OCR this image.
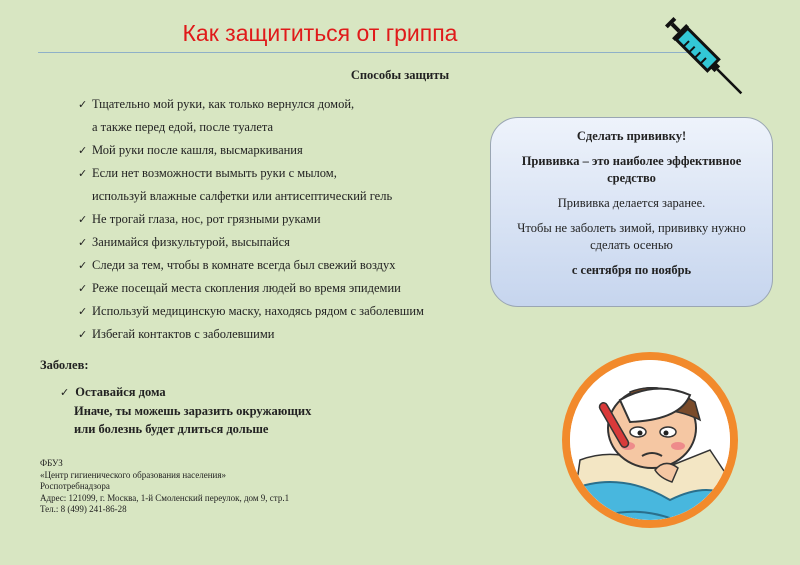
Как защититься от гриппа
Способы защиты
✓ Тщательно мой руки, как только вернулся домой,
а также перед едой, после туалета
✓ Мой руки после кашля, высмаркивания
✓ Если нет возможности вымыть руки с мылом,
используй влажные салфетки или антисептический гель
✓ Не трогай глаза, нос, рот грязными руками
✓ Занимайся физкультурой, высыпайся
✓ Следи за тем, чтобы в комнате всегда был свежий воздух
✓ Реже посещай места скопления людей во время эпидемии
✓ Используй медицинскую маску, находясь рядом с заболевшим
✓ Избегай контактов с заболевшими

Сделать прививку!

Прививка – это наиболее эффективное средство

Прививка делается заранее.

Чтобы не заболеть зимой, прививку нужно сделать осенью

с сентября по ноябрь

Заболев:
✓ Оставайся дома
Иначе, ты можешь заразить окружающих
или болезнь будет длиться дольше
ФБУЗ
«Центр гигиенического образования населения»
Роспотребнадзора
Адрес: 121099, г. Москва, 1-й Смоленский переулок, дом 9, стр.1
Тел.: 8 (499) 241-86-28
